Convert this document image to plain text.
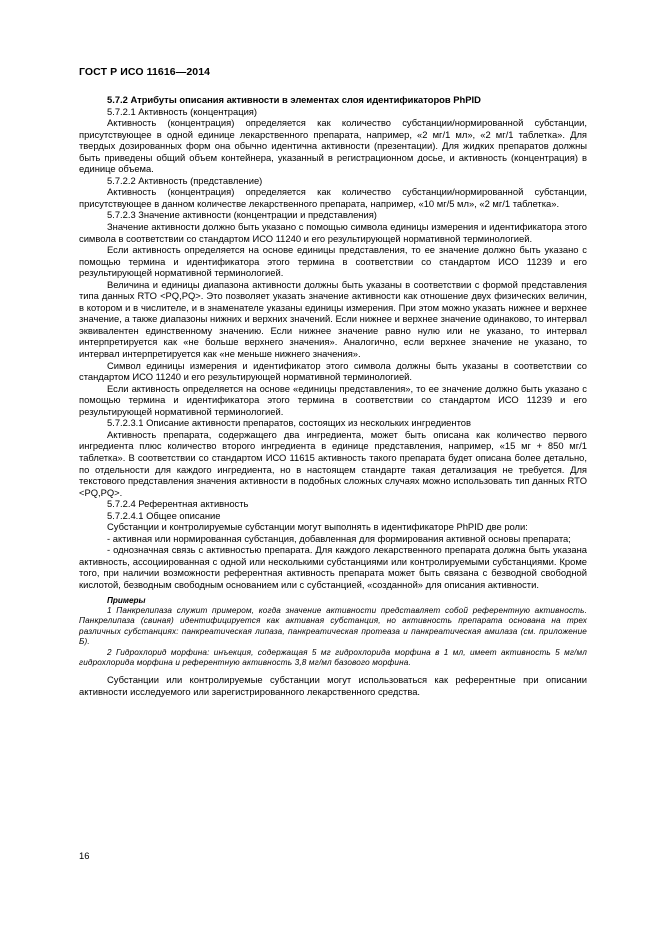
ГОСТ Р ИСО 11616—2014

5.7.2 Атрибуты описания активности в элементах слоя идентификаторов PhPID

5.7.2.1 Активность (концентрация)

Активность (концентрация) определяется как количество субстанции/нормированной субстанции, присутствующее в одной единице лекарственного препарата, например, «2 мг/1 мл», «2 мг/1 таблетка». Для твердых дозированных форм она обычно идентична активности (презентации). Для жидких препаратов должны быть приведены общий объем контейнера, указанный в регистрационном досье, и активность (концентрация) в единице объема.

5.7.2.2 Активность (представление)

Активность (концентрация) определяется как количество субстанции/нормированной субстанции, присутствующее в данном количестве лекарственного препарата, например, «10 мг/5 мл», «2 мг/1 таблетка».

5.7.2.3 Значение активности (концентрации и представления)

Значение активности должно быть указано с помощью символа единицы измерения и идентификатора этого символа в соответствии со стандартом ИСО 11240 и его результирующей нормативной терминологией.

Если активность определяется на основе единицы представления, то ее значение должно быть указано с помощью термина и идентификатора этого термина в соответствии со стандартом ИСО 11239 и его результирующей нормативной терминологией.

Величина и единицы диапазона активности должны быть указаны в соответствии с формой представления типа данных RTO <PQ,PQ>. Это позволяет указать значение активности как отношение двух физических величин, в котором и в числителе, и в знаменателе указаны единицы измерения. При этом можно указать нижнее и верхнее значение, а также диапазоны нижних и верхних значений. Если нижнее и верхнее значение одинаково, то интервал эквивалентен единственному значению. Если нижнее значение равно нулю или не указано, то интервал интерпретируется как «не больше верхнего значения». Аналогично, если верхнее значение не указано, то интервал интерпретируется как «не меньше нижнего значения».

Символ единицы измерения и идентификатор этого символа должны быть указаны в соответствии со стандартом ИСО 11240 и его результирующей нормативной терминологией.

Если активность определяется на основе «единицы представления», то ее значение должно быть указано с помощью термина и идентификатора этого термина в соответствии со стандартом ИСО 11239 и его результирующей нормативной терминологией.

5.7.2.3.1 Описание активности препаратов, состоящих из нескольких ингредиентов

Активность препарата, содержащего два ингредиента, может быть описана как количество первого ингредиента плюс количество второго ингредиента в единице представления, например, «15 мг + 850 мг/1 таблетка». В соответствии со стандартом ИСО 11615 активность такого препарата будет описана более детально, по отдельности для каждого ингредиента, но в настоящем стандарте такая детализация не требуется. Для текстового представления значения активности в подобных сложных случаях можно использовать тип данных RTO <PQ,PQ>.

5.7.2.4 Референтная активность

5.7.2.4.1 Общее описание

Субстанции и контролируемые субстанции могут выполнять в идентификаторе PhPID две роли:

- активная или нормированная субстанция, добавленная для формирования активной основы препарата;

- однозначная связь с активностью препарата. Для каждого лекарственного препарата должна быть указана активность, ассоциированная с одной или несколькими субстанциями или контролируемыми субстанциями. Кроме того, при наличии возможности референтная активность препарата может быть связана с безводной свободной кислотой, безводным свободным основанием или с субстанцией, «созданной» для описания активности.

Примеры

1 Панкрелипаза служит примером, когда значение активности представляет собой референтную активность. Панкрелипаза (свиная) идентифицируется как активная субстанция, но активность препарата основана на трех различных субстанциях: панкреатическая липаза, панкреатическая протеаза и панкреатическая амилаза (см. приложение Б).

2 Гидрохлорид морфина: инъекция, содержащая 5 мг гидрохлорида морфина в 1 мл, имеет активность 5 мг/мл гидрохлорида морфина и референтную активность 3,8 мг/мл базового морфина.

Субстанции или контролируемые субстанции могут использоваться как референтные при описании активности исследуемого или зарегистрированного лекарственного средства.

16
